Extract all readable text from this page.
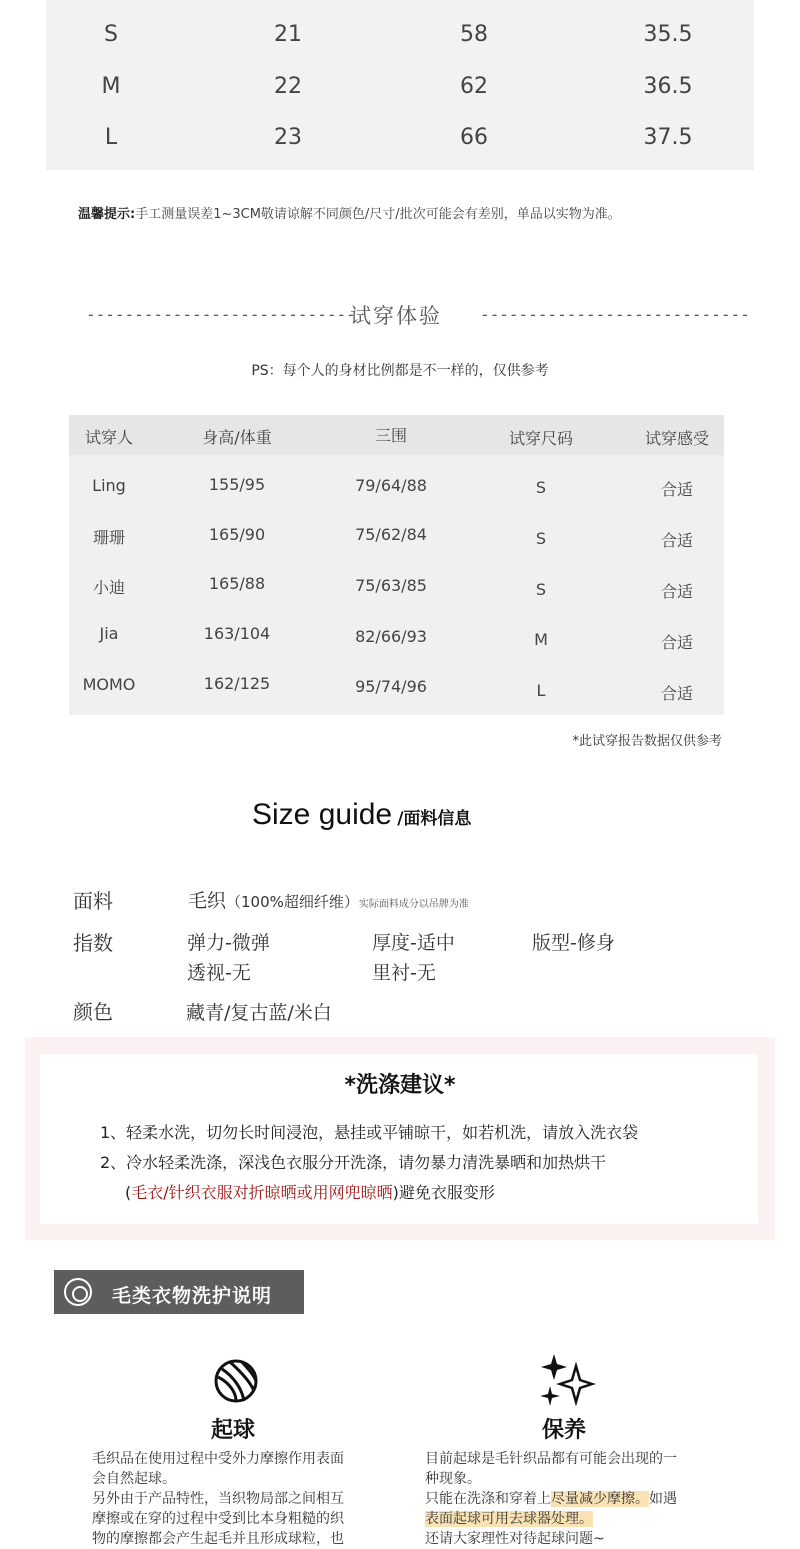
S	21	58	35.5
M	22	62	36.5
L	23	66	37.5
温馨提示:手工测量误差1~3CM敬请谅解不同颜色/尺寸/批次可能会有差别，单品以实物为准。
----------------------------
试穿体验 ----------------------------
PS：每个人的身材比例都是不一样的，仅供参考
试穿人	身高/体重	三围	试穿尺码	试穿感受
Ling	155/95	79/64/88	S	合适
珊珊	165/90	75/62/84	S	合适
小迪	165/88	75/63/85	S	合适
Jia	163/104	82/66/93	M	合适
MOMO	162/125	95/74/96	L	合适
*此试穿报告数据仅供参考
Size guide /面料信息
面料	毛织（100%超细纤维）实际面料成分以吊牌为准
指数	弹力-微弹	厚度-适中	版型-修身
透视-无	里衬-无
颜色	藏青/复古蓝/米白
*洗涤建议*
1、轻柔水洗，切勿长时间浸泡，悬挂或平铺晾干，如若机洗，请放入洗衣袋
2、冷水轻柔洗涤，深浅色衣服分开洗涤，请勿暴力清洗暴晒和加热烘干
(毛衣/针织衣服对折晾晒或用网兜晾晒)避免衣服变形
毛类衣物洗护说明
起球	保养
毛织品在使用过程中受外力摩擦作用表面
会自然起球。
另外由于产品特性，当织物局部之间相互
摩擦或在穿的过程中受到比本身粗糙的织
物的摩擦都会产生起毛并且形成球粒，也
目前起球是毛针织品都有可能会出现的一
种现象。
只能在洗涤和穿着上尽量减少摩擦。如遇
表面起球可用去球器处理。
还请大家理性对待起球问题~
